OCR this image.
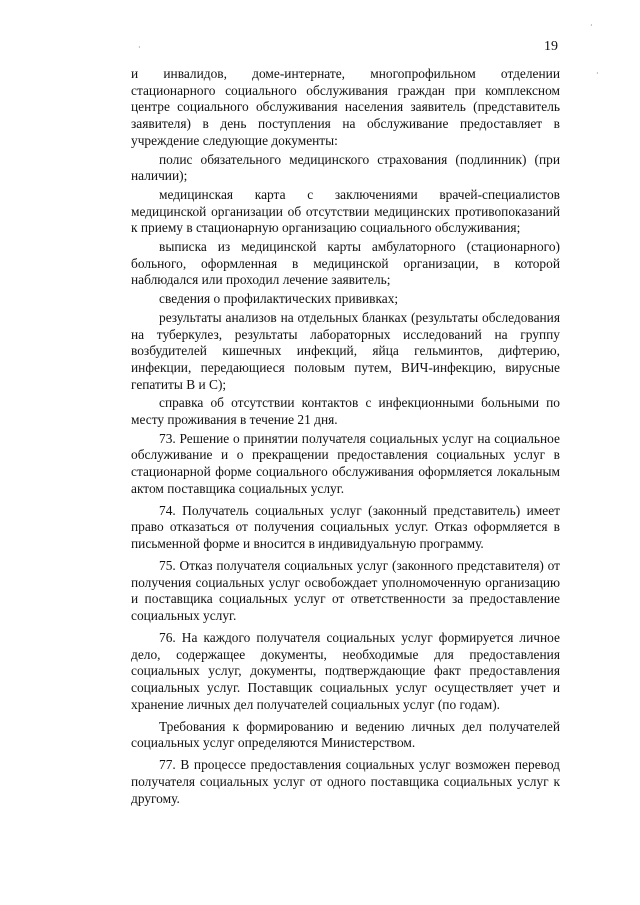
19
·
·
·

и инвалидов, доме-интернате, многопрофильном отделении стационарного социального обслуживания граждан при комплексном центре социального обслуживания населения заявитель (представитель заявителя) в день поступления на обслуживание предоставляет в учреждение следующие документы:

полис обязательного медицинского страхования (подлинник) (при наличии);

медицинская карта с заключениями врачей-специалистов медицинской организации об отсутствии медицинских противопоказаний к приему в стационарную организацию социального обслуживания;

выписка из медицинской карты амбулаторного (стационарного) больного, оформленная в медицинской организации, в которой наблюдался или проходил лечение заявитель;

сведения о профилактических прививках;

результаты анализов на отдельных бланках (результаты обследования на туберкулез, результаты лабораторных исследований на группу возбудителей кишечных инфекций, яйца гельминтов, дифтерию, инфекции, передающиеся половым путем, ВИЧ-инфекцию, вирусные гепатиты В и С);

справка об отсутствии контактов с инфекционными больными по месту проживания в течение 21 дня.

73. Решение о принятии получателя социальных услуг на социальное обслуживание и о прекращении предоставления социальных услуг в стационарной форме социального обслуживания оформляется локальным актом поставщика социальных услуг.

74. Получатель социальных услуг (законный представитель) имеет право отказаться от получения социальных услуг. Отказ оформляется в письменной форме и вносится в индивидуальную программу.

75. Отказ получателя социальных услуг (законного представителя) от получения социальных услуг освобождает уполномоченную организацию и поставщика социальных услуг от ответственности за предоставление социальных услуг.

76. На каждого получателя социальных услуг формируется личное дело, содержащее документы, необходимые для предоставления социальных услуг, документы, подтверждающие факт предоставления социальных услуг. Поставщик социальных услуг осуществляет учет и хранение личных дел получателей социальных услуг (по годам).

Требования к формированию и ведению личных дел получателей социальных услуг определяются Министерством.

77. В процессе предоставления социальных услуг возможен перевод получателя социальных услуг от одного поставщика социальных услуг к другому.
